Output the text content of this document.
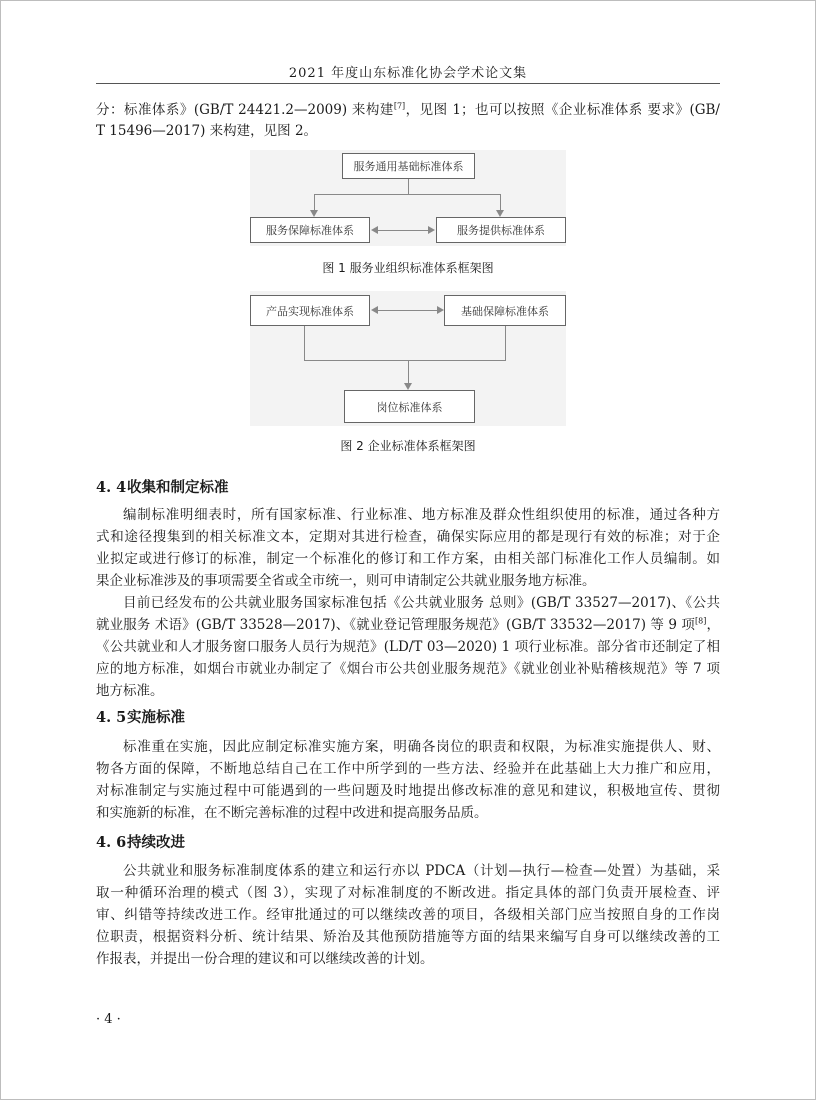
2021 年度山东标准化协会学术论文集
分：标准体系》(GB/T 24421.2—2009) 来构建[7]，见图 1；也可以按照《企业标准体系 要求》(GB/
T 15496—2017) 来构建，见图 2。
服务通用基础标准体系
服务保障标准体系	服务提供标准体系
图 1 服务业组织标准体系框架图
产品实现标准体系	基础保障标准体系
岗位标准体系
图 2 企业标准体系框架图
4. 4收集和制定标准
编制标准明细表时，所有国家标准、行业标准、地方标准及群众性组织使用的标准，通过各种方
式和途径搜集到的相关标准文本，定期对其进行检查，确保实际应用的都是现行有效的标准；对于企
业拟定或进行修订的标准，制定一个标准化的修订和工作方案，由相关部门标准化工作人员编制。如
果企业标准涉及的事项需要全省或全市统一，则可申请制定公共就业服务地方标准。
目前已经发布的公共就业服务国家标准包括《公共就业服务 总则》(GB/T 33527—2017)、《公共
就业服务 术语》(GB/T 33528—2017)、《就业登记管理服务规范》(GB/T 33532—2017) 等 9 项[8]，
《公共就业和人才服务窗口服务人员行为规范》(LD/T 03—2020) 1 项行业标准。部分省市还制定了相
应的地方标准，如烟台市就业办制定了《烟台市公共创业服务规范》《就业创业补贴稽核规范》等 7 项
地方标准。
4. 5实施标准
标准重在实施，因此应制定标准实施方案，明确各岗位的职责和权限，为标准实施提供人、财、
物各方面的保障，不断地总结自己在工作中所学到的一些方法、经验并在此基础上大力推广和应用，
对标准制定与实施过程中可能遇到的一些问题及时地提出修改标准的意见和建议，积极地宣传、贯彻
和实施新的标准，在不断完善标准的过程中改进和提高服务品质。
4. 6持续改进
公共就业和服务标准制度体系的建立和运行亦以 PDCA（计划—执行—检查—处置）为基础，采
取一种循环治理的模式（图 3），实现了对标准制度的不断改进。指定具体的部门负责开展检查、评
审、纠错等持续改进工作。经审批通过的可以继续改善的项目，各级相关部门应当按照自身的工作岗
位职责，根据资料分析、统计结果、矫治及其他预防措施等方面的结果来编写自身可以继续改善的工
作报表，并提出一份合理的建议和可以继续改善的计划。
· 4 ·
